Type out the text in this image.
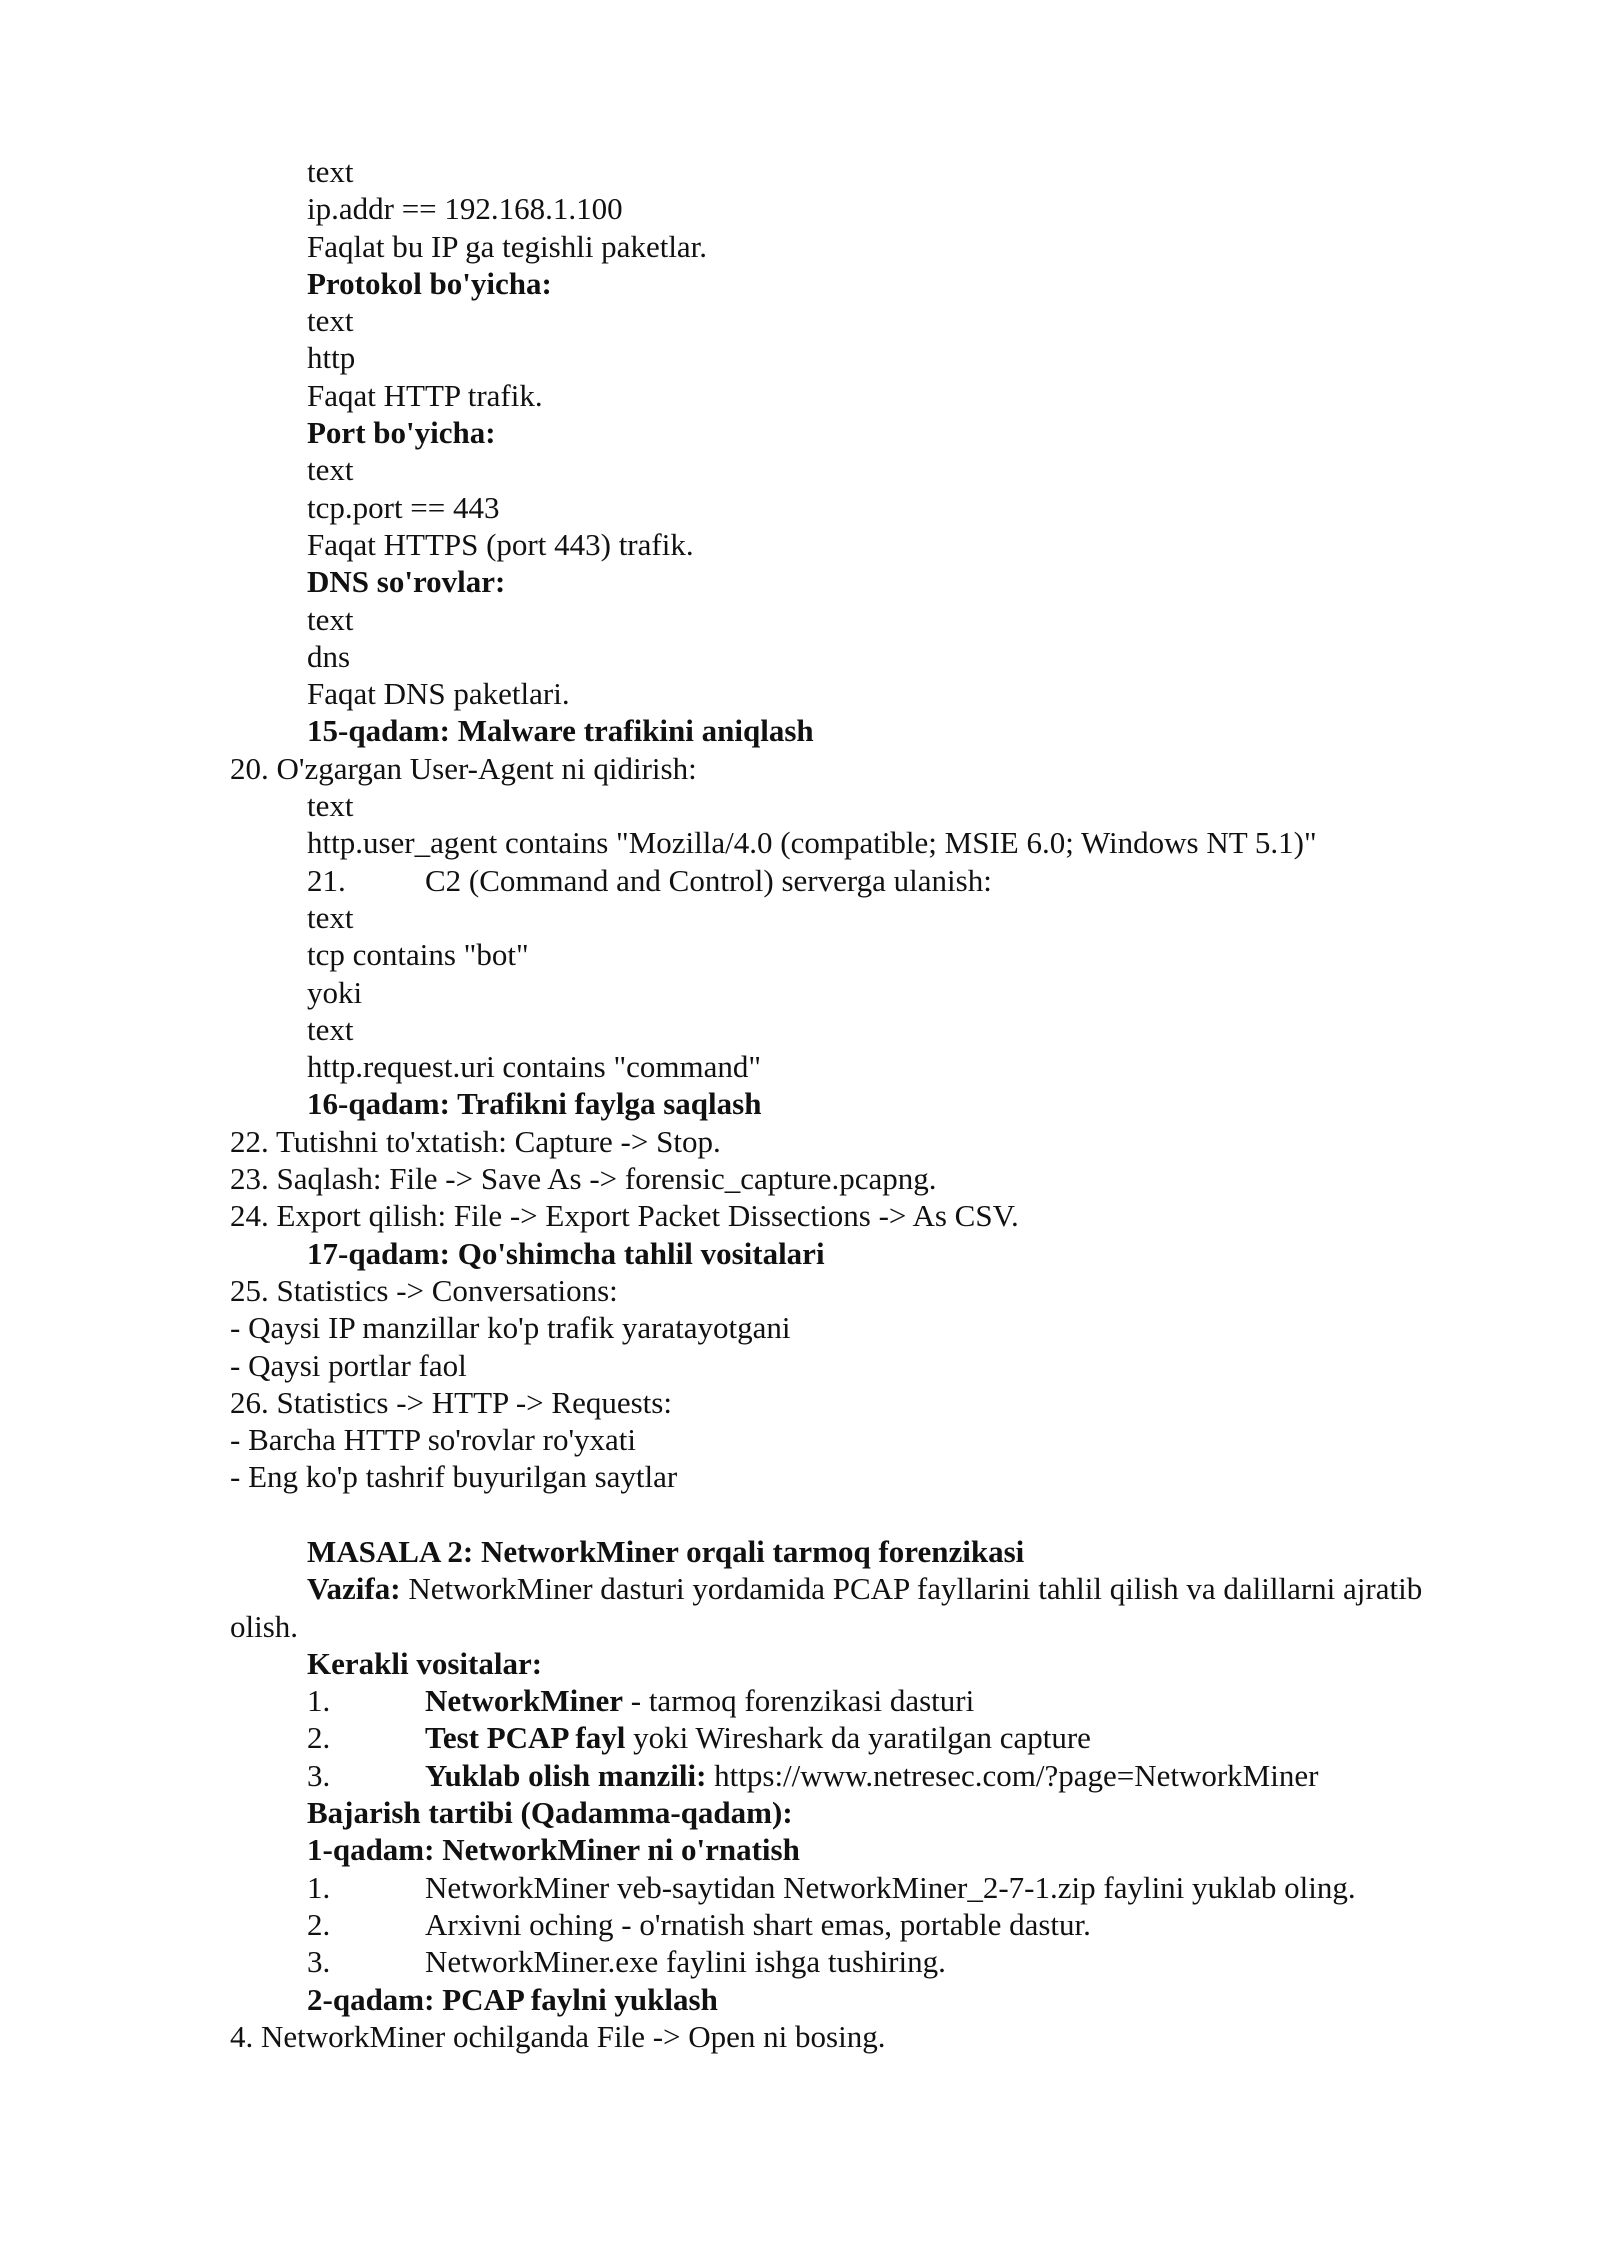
text
ip.addr == 192.168.1.100
Faqlat bu IP ga tegishli paketlar.
Protokol bo'yicha:
text
http
Faqat HTTP trafik.
Port bo'yicha:
text
tcp.port == 443
Faqat HTTPS (port 443) trafik.
DNS so'rovlar:
text
dns
Faqat DNS paketlari.
15-qadam: Malware trafikini aniqlash
20. O'zgargan User-Agent ni qidirish:
text
http.user_agent contains "Mozilla/4.0 (compatible; MSIE 6.0; Windows NT 5.1)"
21.	C2 (Command and Control) serverga ulanish:
text
tcp contains "bot"
yoki
text
http.request.uri contains "command"
16-qadam: Trafikni faylga saqlash
22. Tutishni to'xtatish: Capture -> Stop.
23. Saqlash: File -> Save As -> forensic_capture.pcapng.
24. Export qilish: File -> Export Packet Dissections -> As CSV.
17-qadam: Qo'shimcha tahlil vositalari
25. Statistics -> Conversations:
- Qaysi IP manzillar ko'p trafik yaratayotgani
- Qaysi portlar faol
26. Statistics -> HTTP -> Requests:
- Barcha HTTP so'rovlar ro'yxati
- Eng ko'p tashrif buyurilgan saytlar
MASALA 2: NetworkMiner orqali tarmoq forenzikasi
Vazifa: NetworkMiner dasturi yordamida PCAP fayllarini tahlil qilish va dalillarni ajratib olish.
Kerakli vositalar:
1.	NetworkMiner - tarmoq forenzikasi dasturi
2.	Test PCAP fayl yoki Wireshark da yaratilgan capture
3.	Yuklab olish manzili: https://www.netresec.com/?page=NetworkMiner
Bajarish tartibi (Qadamma-qadam):
1-qadam: NetworkMiner ni o'rnatish
1.	NetworkMiner veb-saytidan NetworkMiner_2-7-1.zip faylini yuklab oling.
2.	Arxivni oching - o'rnatish shart emas, portable dastur.
3.	NetworkMiner.exe faylini ishga tushiring.
2-qadam: PCAP faylni yuklash
4. NetworkMiner ochilganda File -> Open ni bosing.
